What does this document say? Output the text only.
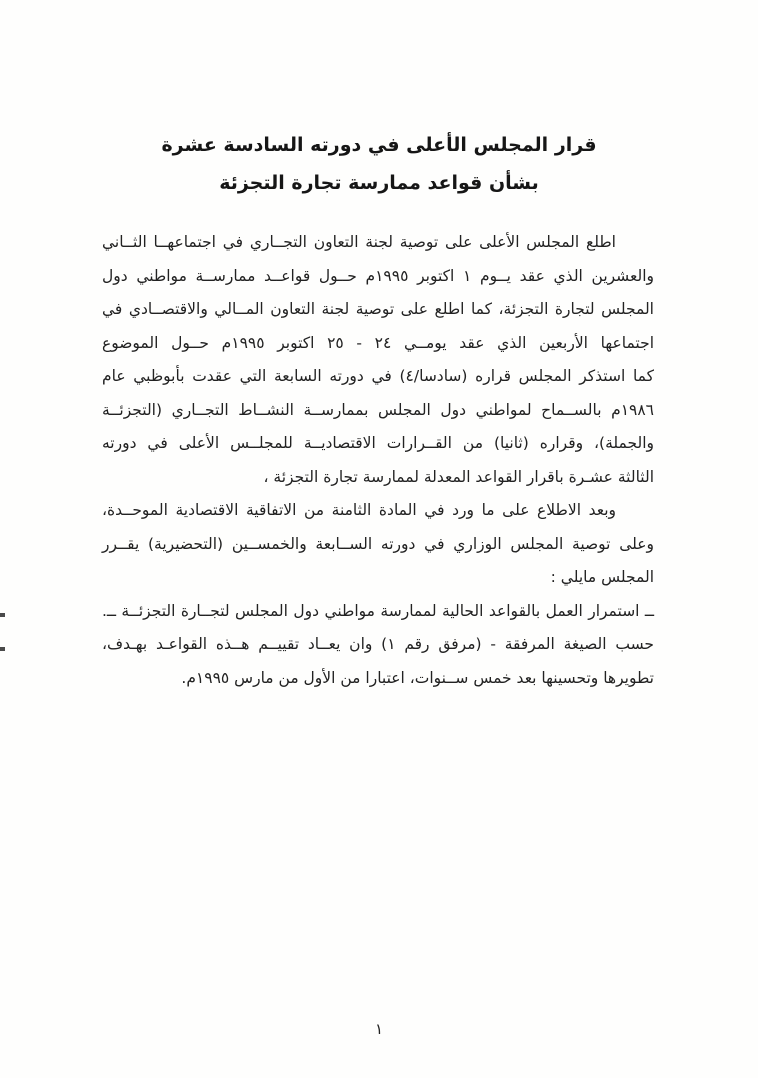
قرار المجلس الأعلى في دورته السادسة عشرة
بشأن قواعد ممارسة تجارة التجزئة
اطلع المجلس الأعلى على توصية لجنة التعاون التجــاري في اجتماعهــا الثــاني
والعشرين الذي عقد يــوم ١ اكتوبر ١٩٩٥م حــول قواعــد ممارســة مواطني دول
المجلس لتجارة التجزئة، كما اطلع على توصية لجنة التعاون المــالي والاقتصــادي في
اجتماعها الأربعين الذي عقد يومــي ٢٤ - ٢٥ اكتوبر ١٩٩٥م حــول الموضوع
كما استذكر المجلس قراره (سادسا/٤) في دورته السابعة التي عقدت بأبوظبي عام
١٩٨٦م بالســماح لمواطني دول المجلس بممارســة النشــاط التجــاري (التجزئــة
والجملة)، وقراره (ثانيا) من القــرارات الاقتصاديــة للمجلــس الأعلى في دورته
الثالثة عشـرة باقرار القواعد المعدلة لممارسة تجارة التجزئة ،
وبعد الاطلاع على ما ورد في المادة الثامنة من الاتفاقية الاقتصادية الموحــدة،
وعلى توصية المجلس الوزاري في دورته الســابعة والخمســين (التحضيرية) يقــرر
المجلس مايلي :
ــ استمرار العمل بالقواعد الحالية لممارسة مواطني دول المجلس لتجــارة التجزئــة ــ.
حسب الصيغة المرفقة - (مرفق رقم ١) وان يعــاد تقييــم هــذه القواعـد بهـدف،
تطويرها وتحسينها بعد خمس ســنوات، اعتبارا من الأول من مارس ١٩٩٥م.
١
